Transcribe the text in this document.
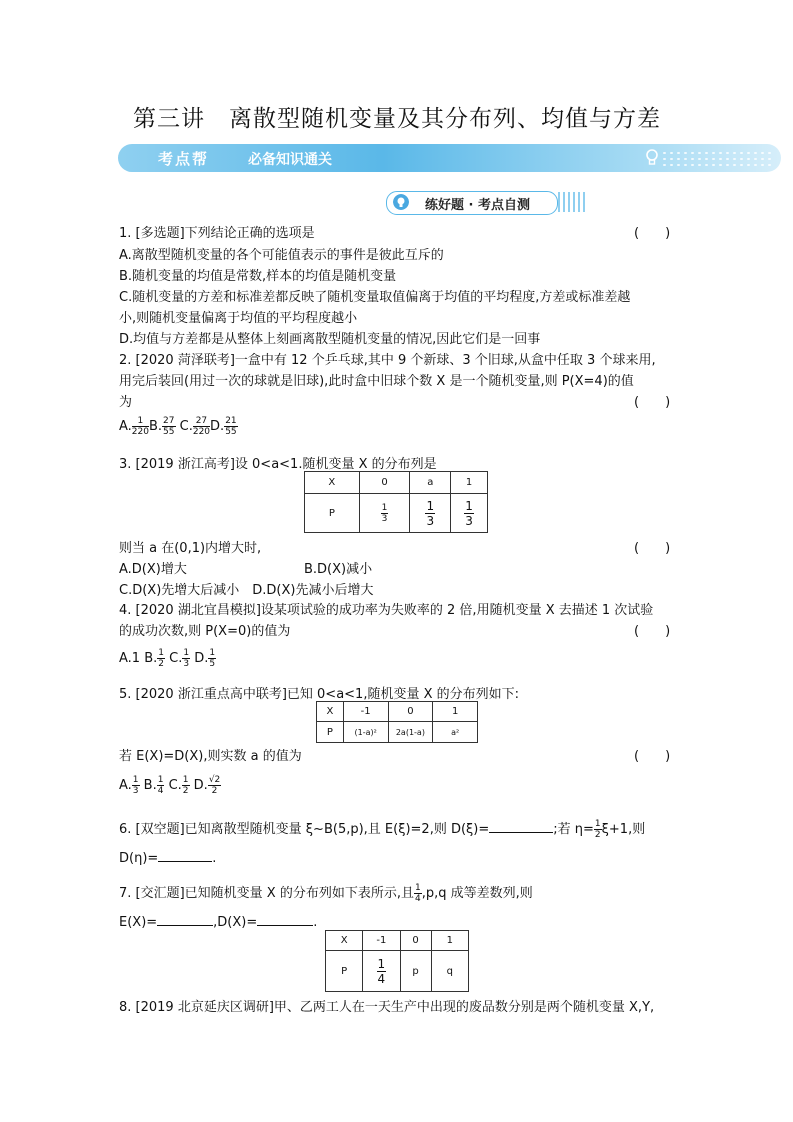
第三讲　离散型随机变量及其分布列、均值与方差
考点帮	必备知识通关
练好题 · 考点自测
1. [多选题]下列结论正确的选项是	(　　)
A.离散型随机变量的各个可能值表示的事件是彼此互斥的
B.随机变量的均值是常数,样本的均值是随机变量
C.随机变量的方差和标准差都反映了随机变量取值偏离于均值的平均程度,方差或标准差越
小,则随机变量偏离于均值的平均程度越小
D.均值与方差都是从整体上刻画离散型随机变量的情况,因此它们是一回事
2. [2020 菏泽联考]一盒中有 12 个乒乓球,其中 9 个新球、3 个旧球,从盒中任取 3 个球来用,
用完后装回(用过一次的球就是旧球),此时盒中旧球个数 X 是一个随机变量,则 P(X=4)的值
为	(　　)
A. $\frac{1}{220} B$. $\frac{27}{55} C$. $\frac{27}{220} D$. $\frac{21}{55}$
3. [2019 浙江高考]设 0<a<1.随机变量 X 的分布列是
X	0	a	1
P	$\frac{1}{3}$	$\frac{1}{3}$	$\frac{1}{3}$
则当 a 在(0,1)内增大时,	(　　)
A.D(X)增大	B.D(X)减小
C.D(X)先增大后减小　D.D(X)先减小后增大
4. [2020 湖北宜昌模拟]设某项试验的成功率为失败率的 2 倍,用随机变量 X 去描述 1 次试验
的成功次数,则 P(X=0)的值为	(　　)
A.1 B. $\frac{1}{2} C$. $\frac{1}{3} D$. $\frac{1}{5}$
5. [2020 浙江重点高中联考]已知 0<a<1,随机变量 X 的分布列如下:
X	-1	0	1
P	(1-a)²	2a(1-a)	a²
若 E(X)=D(X),则实数 a 的值为	(　　)
A. $\frac{1}{3} B$. $\frac{1}{4} C$. $\frac{1}{2} D$. $\frac{√2}{2}$
6. [双空题]已知离散型随机变量 ξ~B(5,p),且 E(ξ)=2,则 D(ξ)=	;若 $\eta= \frac{1}{2} \xi+1$,则
D(η)=	.
7. [交汇题]已知随机变量 X 的分布列如下表所示,且 $\frac{1}{4} ,p,q$ 成等差数列,则
E(X)=	,D(X)=	.
X	-1	0	1
P	$\frac{1}{4}$	p	q
8. [2019 北京延庆区调研]甲、乙两工人在一天生产中出现的废品数分别是两个随机变量 X,Y,
